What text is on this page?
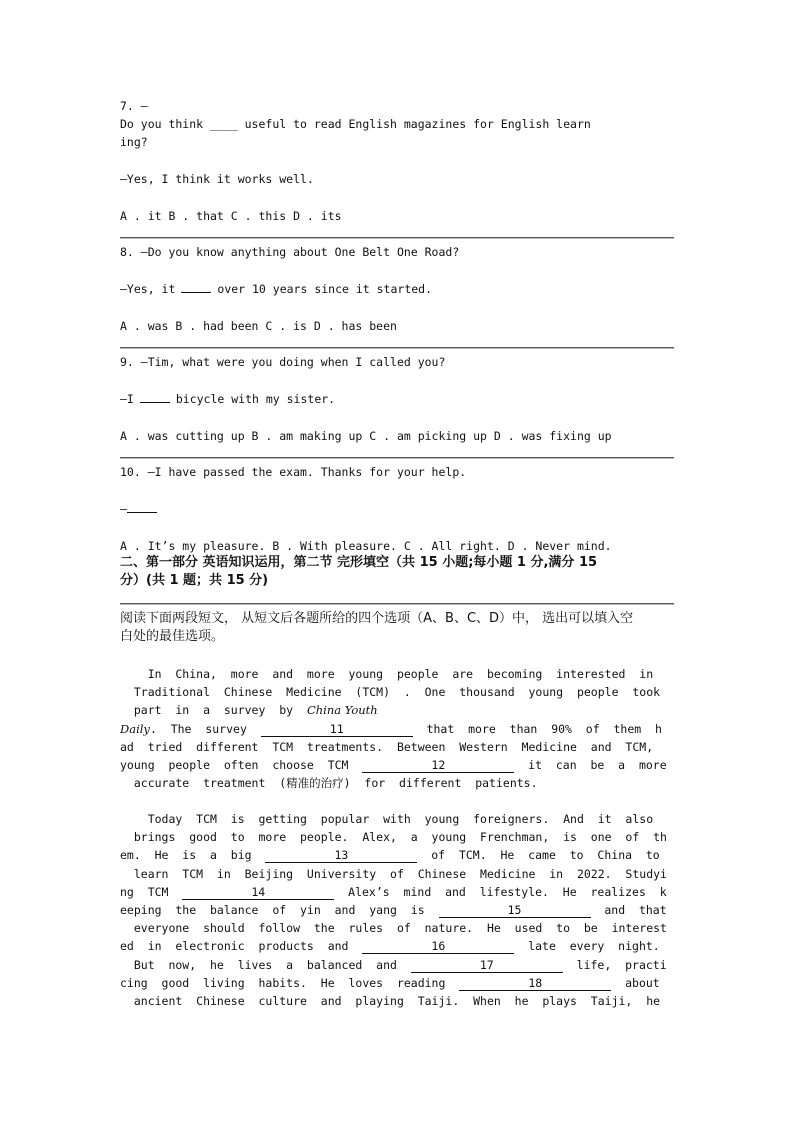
7. —
Do you think ____ useful to read English magazines for English learn
ing?
—Yes, I think it works well.
A . it B . that C . this D . its
8. —Do you know anything about One Belt One Road?
—Yes, it	over 10 years since it started.
A . was B . had been C . is D . has been
9. —Tim, what were you doing when I called you?
—I	bicycle with my sister.
A . was cutting up B . am making up C . am picking up D . was fixing up
10. —I have passed the exam. Thanks for your help.
—
A . It’s my pleasure. B . With pleasure. C . All right. D . Never mind.
二、第一部分 英语知识运用，第二节 完形填空（共 15 小题;每小题 1 分,满分 15
分）(共 1 题；共 15 分)
阅读下面两段短文， 从短文后各题所给的四个选项（A、B、C、D）中， 选出可以填入空
白处的最佳选项。
In  China,  more  and  more  young  people  are  becoming  interested  in
Traditional  Chinese  Medicine  (TCM)  .  One  thousand  young  people  took
part  in  a  survey  by  China Youth
Daily.  The  survey	11	that  more  than  90%  of  them  h
ad  tried  different  TCM  treatments.  Between  Western  Medicine  and  TCM,
young  people  often  choose  TCM	12	it  can  be  a  more
accurate  treatment  (精准的治疗)  for  different  patients.
Today  TCM  is  getting  popular  with  young  foreigners.  And  it  also
brings  good  to  more  people.  Alex,  a  young  Frenchman,  is  one  of  th
em.  He  is  a  big	13	of  TCM.  He  came  to  China  to
learn  TCM  in  Beijing  University  of  Chinese  Medicine  in  2022.  Studyi
ng  TCM	14	Alex’s  mind  and  lifestyle.  He  realizes  k
eeping  the  balance  of  yin  and  yang  is	15	and  that
everyone  should  follow  the  rules  of  nature.  He  used  to  be  interest
ed  in  electronic  products  and	16	late  every  night.
But  now,  he  lives  a  balanced  and	17	life,  practi
cing  good  living  habits.  He  loves  reading	18	about
ancient  Chinese  culture  and  playing  Taiji.  When  he  plays  Taiji,  he
